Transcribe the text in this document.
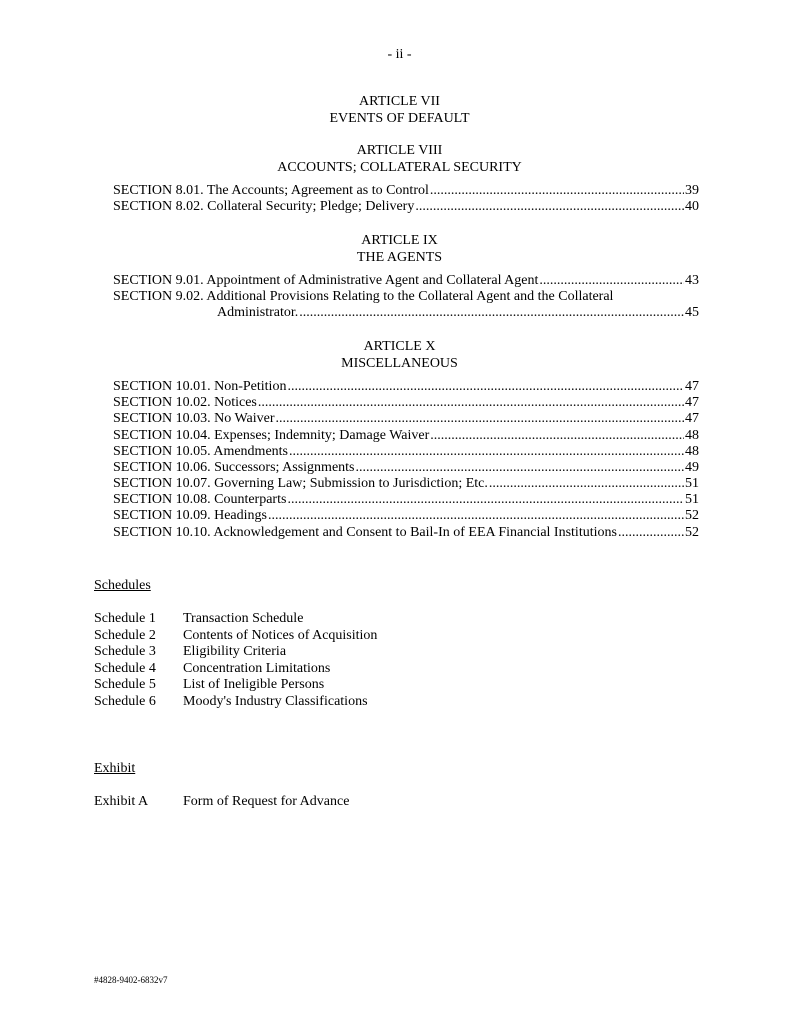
- ii -
ARTICLE VII
EVENTS OF DEFAULT
ARTICLE VIII
ACCOUNTS; COLLATERAL SECURITY
SECTION 8.01. The Accounts; Agreement as to Control .....	39
SECTION 8.02. Collateral Security; Pledge; Delivery .....	40
ARTICLE IX
THE AGENTS
SECTION 9.01. Appointment of Administrative Agent and Collateral Agent .....	43
SECTION 9.02. Additional Provisions Relating to the Collateral Agent and the Collateral
Administrator. .....	45
ARTICLE X
MISCELLANEOUS
SECTION 10.01. Non-Petition .....	47
SECTION 10.02. Notices .....	47
SECTION 10.03. No Waiver .....	47
SECTION 10.04. Expenses; Indemnity; Damage Waiver .....	48
SECTION 10.05. Amendments .....	48
SECTION 10.06. Successors; Assignments .....	49
SECTION 10.07. Governing Law; Submission to Jurisdiction; Etc. .....	51
SECTION 10.08. Counterparts .....	51
SECTION 10.09. Headings .....	52
SECTION 10.10. Acknowledgement and Consent to Bail-In of EEA Financial Institutions .....	52
Schedules
Schedule 1	Transaction Schedule
Schedule 2	Contents of Notices of Acquisition
Schedule 3	Eligibility Criteria
Schedule 4	Concentration Limitations
Schedule 5	List of Ineligible Persons
Schedule 6	Moody's Industry Classifications
Exhibit
Exhibit A	Form of Request for Advance
#4828-9402-6832v7
